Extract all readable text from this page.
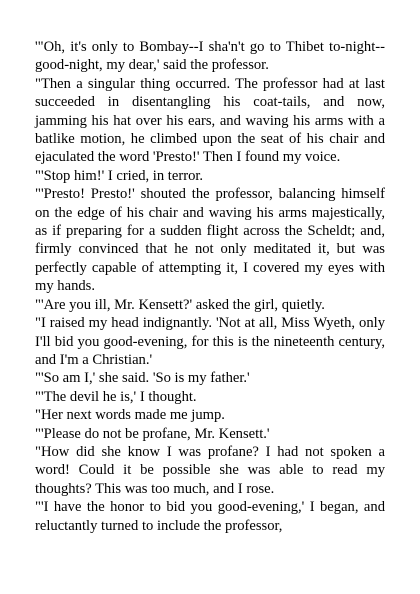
'"Oh, it's only to Bombay--I sha'n't go to Thibet to-night--good-night, my dear,' said the professor.

"Then a singular thing occurred. The professor had at last succeeded in disentangling his coat-tails, and now, jamming his hat over his ears, and waving his arms with a batlike motion, he climbed upon the seat of his chair and ejaculated the word 'Presto!' Then I found my voice.

"'Stop him!' I cried, in terror.

"'Presto! Presto!' shouted the professor, balancing himself on the edge of his chair and waving his arms majestically, as if preparing for a sudden flight across the Scheldt; and, firmly convinced that he not only meditated it, but was perfectly capable of attempting it, I covered my eyes with my hands.

"'Are you ill, Mr. Kensett?' asked the girl, quietly.

"I raised my head indignantly. 'Not at all, Miss Wyeth, only I'll bid you good-evening, for this is the nineteenth century, and I'm a Christian.'

"'So am I,' she said. 'So is my father.'

"'The devil he is,' I thought.

"Her next words made me jump.

"'Please do not be profane, Mr. Kensett.'

"How did she know I was profane? I had not spoken a word! Could it be possible she was able to read my thoughts? This was too much, and I rose.

"'I have the honor to bid you good-evening,' I began, and reluctantly turned to include the professor,
